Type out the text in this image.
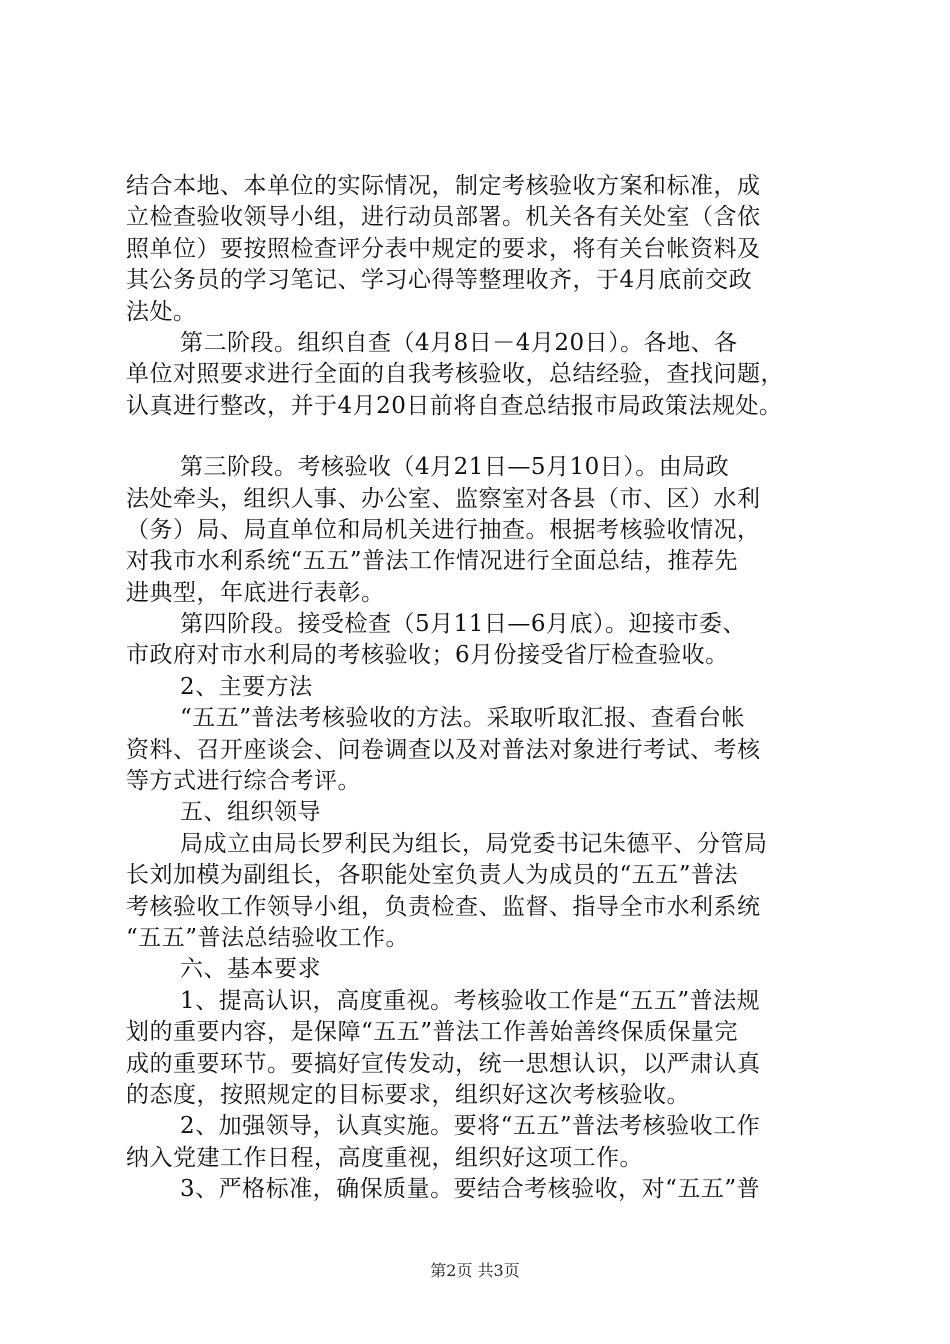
结合本地、本单位的实际情况，制定考核验收方案和标准，成
立检查验收领导小组，进行动员部署。机关各有关处室（含依
照单位）要按照检查评分表中规定的要求，将有关台帐资料及
其公务员的学习笔记、学习心得等整理收齐，于4月底前交政
法处。
第二阶段。组织自查（4月8日－4月20日）。各地、各
单位对照要求进行全面的自我考核验收，总结经验，查找问题，
认真进行整改，并于4月20日前将自查总结报市局政策法规处。
第三阶段。考核验收（4月21日—5月10日）。由局政
法处牵头，组织人事、办公室、监察室对各县（市、区）水利
（务）局、局直单位和局机关进行抽查。根据考核验收情况，
对我市水利系统“五五”普法工作情况进行全面总结，推荐先
进典型，年底进行表彰。
第四阶段。接受检查（5月11日—6月底）。迎接市委、
市政府对市水利局的考核验收；6月份接受省厅检查验收。
2、主要方法
“五五”普法考核验收的方法。采取听取汇报、查看台帐
资料、召开座谈会、问卷调查以及对普法对象进行考试、考核
等方式进行综合考评。
五、组织领导
局成立由局长罗利民为组长，局党委书记朱德平、分管局
长刘加模为副组长，各职能处室负责人为成员的“五五”普法
考核验收工作领导小组，负责检查、监督、指导全市水利系统
“五五”普法总结验收工作。
六、基本要求
1、提高认识，高度重视。考核验收工作是“五五”普法规
划的重要内容，是保障“五五”普法工作善始善终保质保量完
成的重要环节。要搞好宣传发动，统一思想认识，以严肃认真
的态度，按照规定的目标要求，组织好这次考核验收。
2、加强领导，认真实施。要将“五五”普法考核验收工作
纳入党建工作日程，高度重视，组织好这项工作。
3、严格标准，确保质量。要结合考核验收，对“五五”普
第2页 共3页
